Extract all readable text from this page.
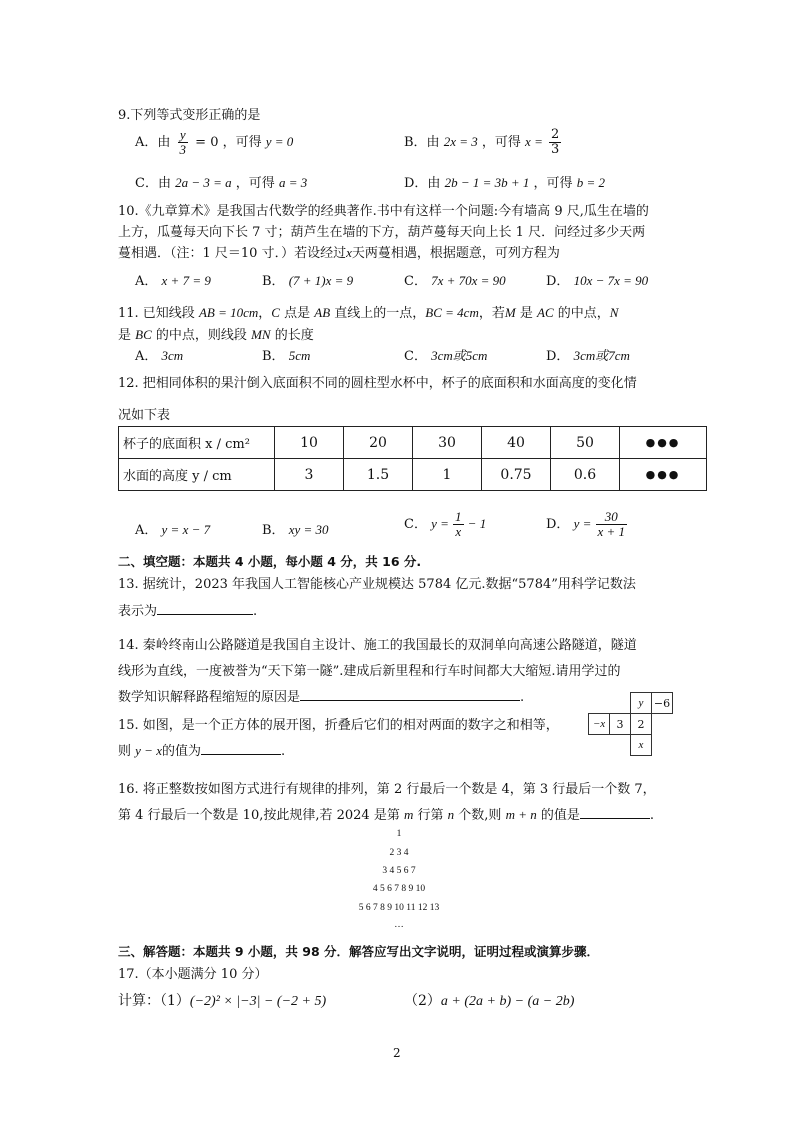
9.下列等式变形正确的是
A．由 $\frac{y}{3} = 0$ ，可得 y = 0	B．由 2x = 3 ，可得 $x = \frac{2}{3}$
C．由 2a − 3 = a ，可得 a = 3	D．由 2b − 1 = 3b + 1 ，可得 b = 2
10.《九章算术》是我国古代数学的经典著作.书中有这样一个问题:今有墙高 9 尺,瓜生在墙的
上方，瓜蔓每天向下长 7 寸；葫芦生在墙的下方，葫芦蔓每天向上长 1 尺．问经过多少天两
蔓相遇．（注：1 尺＝10 寸．）若设经过x天两蔓相遇，根据题意，可列方程为
A． x + 7 = 9	B． (7 + 1)x = 9	C． 7x + 70x = 90	D． 10x − 7x = 90
11. 已知线段 AB = 10cm，C 点是 AB 直线上的一点，BC = 4cm，若M 是 AC 的中点，N
是 BC 的中点，则线段 MN 的长度
A． 3cm	B． 5cm	C． 3cm或5cm	D． 3cm或7cm
12. 把相同体积的果汁倒入底面积不同的圆柱型水杯中，杯子的底面积和水面高度的变化情
况如下表
杯子的底面积 x / cm²	10	20	30	40	50	●●●
水面的高度 y / cm	3	1.5	1	0.75	0.6	●●●
A． y = x − 7	B． xy = 30	C． $y = \frac{1}{x} - 1$	D． $y = \frac{30}{x + 1}$
二、填空题：本题共 4 小题，每小题 4 分，共 16 分.
13. 据统计，2023 年我国人工智能核心产业规模达 5784 亿元.数据“5784”用科学记数法
表示为	.
14. 秦岭终南山公路隧道是我国自主设计、施工的我国最长的双洞单向高速公路隧道，隧道
线形为直线，一度被誉为“天下第一隧”.建成后新里程和行车时间都大大缩短.请用学过的
数学知识解释路程缩短的原因是	.
15. 如图，是一个正方体的展开图，折叠后它们的相对两面的数字之和相等，
则 y − x的值为	.
		y	−6
−x	3	2	
		x	
16. 将正整数按如图方式进行有规律的排列，第 2 行最后一个数是 4，第 3 行最后一个数 7，
第 4 行最后一个数是 10,按此规律,若 2024 是第 m 行第 n 个数,则 m + n 的值是	.
1
2 3 4
3 4 5 6 7
4 5 6 7 8 9 10
5 6 7 8 9 10 11 12 13
…
三、解答题：本题共 9 小题，共 98 分．解答应写出文字说明，证明过程或演算步骤．
17.（本小题满分 10 分）
计算：（1）(−2)² × |−3| − (−2 + 5)	（2）a + (2a + b) − (a − 2b)
2
